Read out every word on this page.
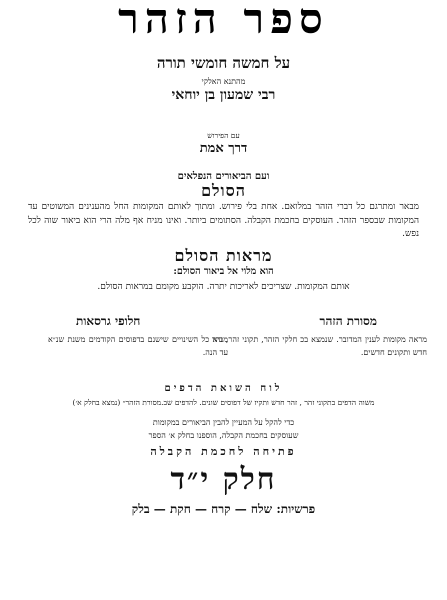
ספר הזהר
על חמשה חומשי תורה
מהתנא האלקי
רבי שמעון בן יוחאי
עם הפירוש
דרך אמת
ועם הביאורים הנפלאים
הסולם
מבאר ומתרגם כל דברי הזהר במלואם. אחת בלי פירוש. ומתוך לאותם המקומות החל מהענינים המשוטים עד המקומות שבספר הזהר. העוסקים בחכמת הקבלה. הסתומים ביותר. ואינו מניח אף מלה הרי הוא ביאור שוה לכל נפש.
מראות הסולם
הוא מלוי אל ביאור הסולם:
אותם המקומות. שצריכים לאריכות יתרה. הוקבע מקומם במראות הסולם.
מסורת הזהר
חלופי גרסאות
מראה מקומות לענין המדובר. שנמצא בכ חלקי הזהר, תקוני זהר, זהר חדש ותקונים חדשים.
מביא כל השינויים שישנם בדפוסים הקודמים משנת שנ״א עד הנה.
לוח השואת הדפים
משוה הדפים בתקוני זהר , זהר חדש ותקיז של דפוסים שונים. להדפים שב.מסורת הזהר״ (נמצא בחלק א׳)
כדי להקל על המעיין להבין הביאורים במקומות
שעוסקים בחכמת הקבלה, הוספנו בחלק א׳ הספר
פתיחה לחכמת הקבלה
חלק י״ד
פרשיות: שלח — קרח — חקת — בלק
